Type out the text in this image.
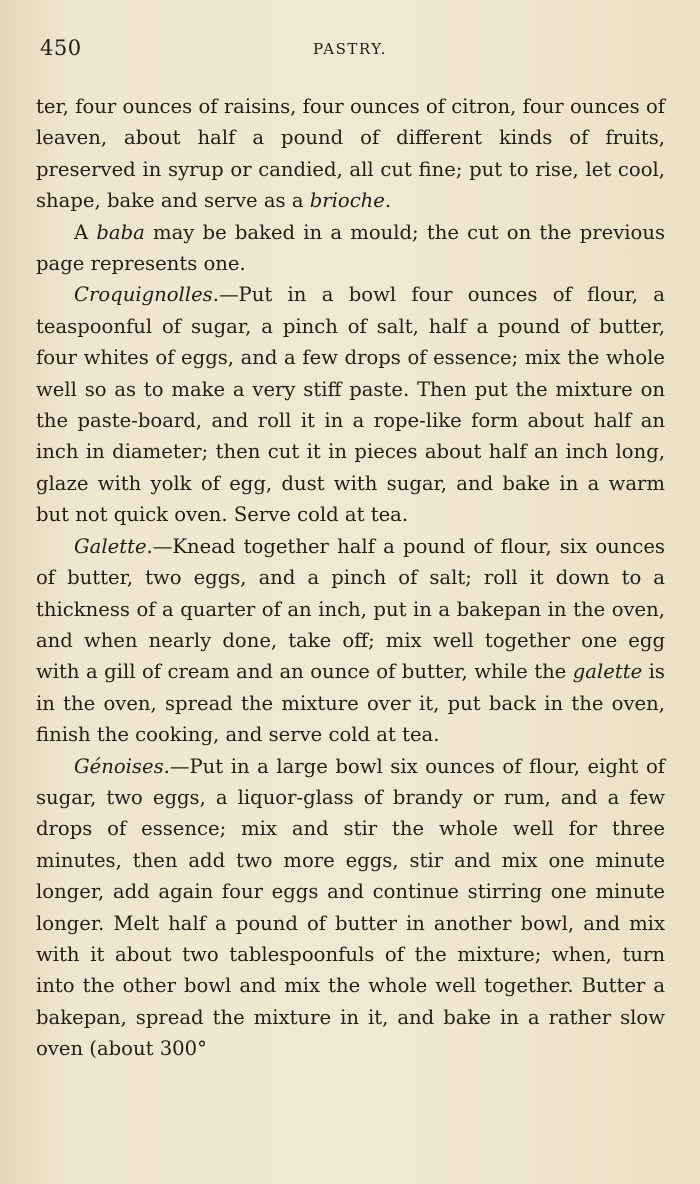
450	PASTRY.

ter, four ounces of raisins, four ounces of citron, four ounces of leaven, about half a pound of different kinds of fruits, preserved in syrup or candied, all cut fine; put to rise, let cool, shape, bake and serve as a brioche.

A baba may be baked in a mould; the cut on the previous page represents one.

Croquignolles.—Put in a bowl four ounces of flour, a teaspoonful of sugar, a pinch of salt, half a pound of butter, four whites of eggs, and a few drops of essence; mix the whole well so as to make a very stiff paste. Then put the mixture on the paste-board, and roll it in a rope-like form about half an inch in diameter; then cut it in pieces about half an inch long, glaze with yolk of egg, dust with sugar, and bake in a warm but not quick oven. Serve cold at tea.

Galette.—Knead together half a pound of flour, six ounces of butter, two eggs, and a pinch of salt; roll it down to a thickness of a quarter of an inch, put in a bakepan in the oven, and when nearly done, take off; mix well together one egg with a gill of cream and an ounce of butter, while the galette is in the oven, spread the mixture over it, put back in the oven, finish the cooking, and serve cold at tea.

Génoises.—Put in a large bowl six ounces of flour, eight of sugar, two eggs, a liquor-glass of brandy or rum, and a few drops of essence; mix and stir the whole well for three minutes, then add two more eggs, stir and mix one minute longer, add again four eggs and continue stirring one minute longer. Melt half a pound of butter in another bowl, and mix with it about two tablespoonfuls of the mixture; when, turn into the other bowl and mix the whole well together. Butter a bakepan, spread the mixture in it, and bake in a rather slow oven (about 300°
